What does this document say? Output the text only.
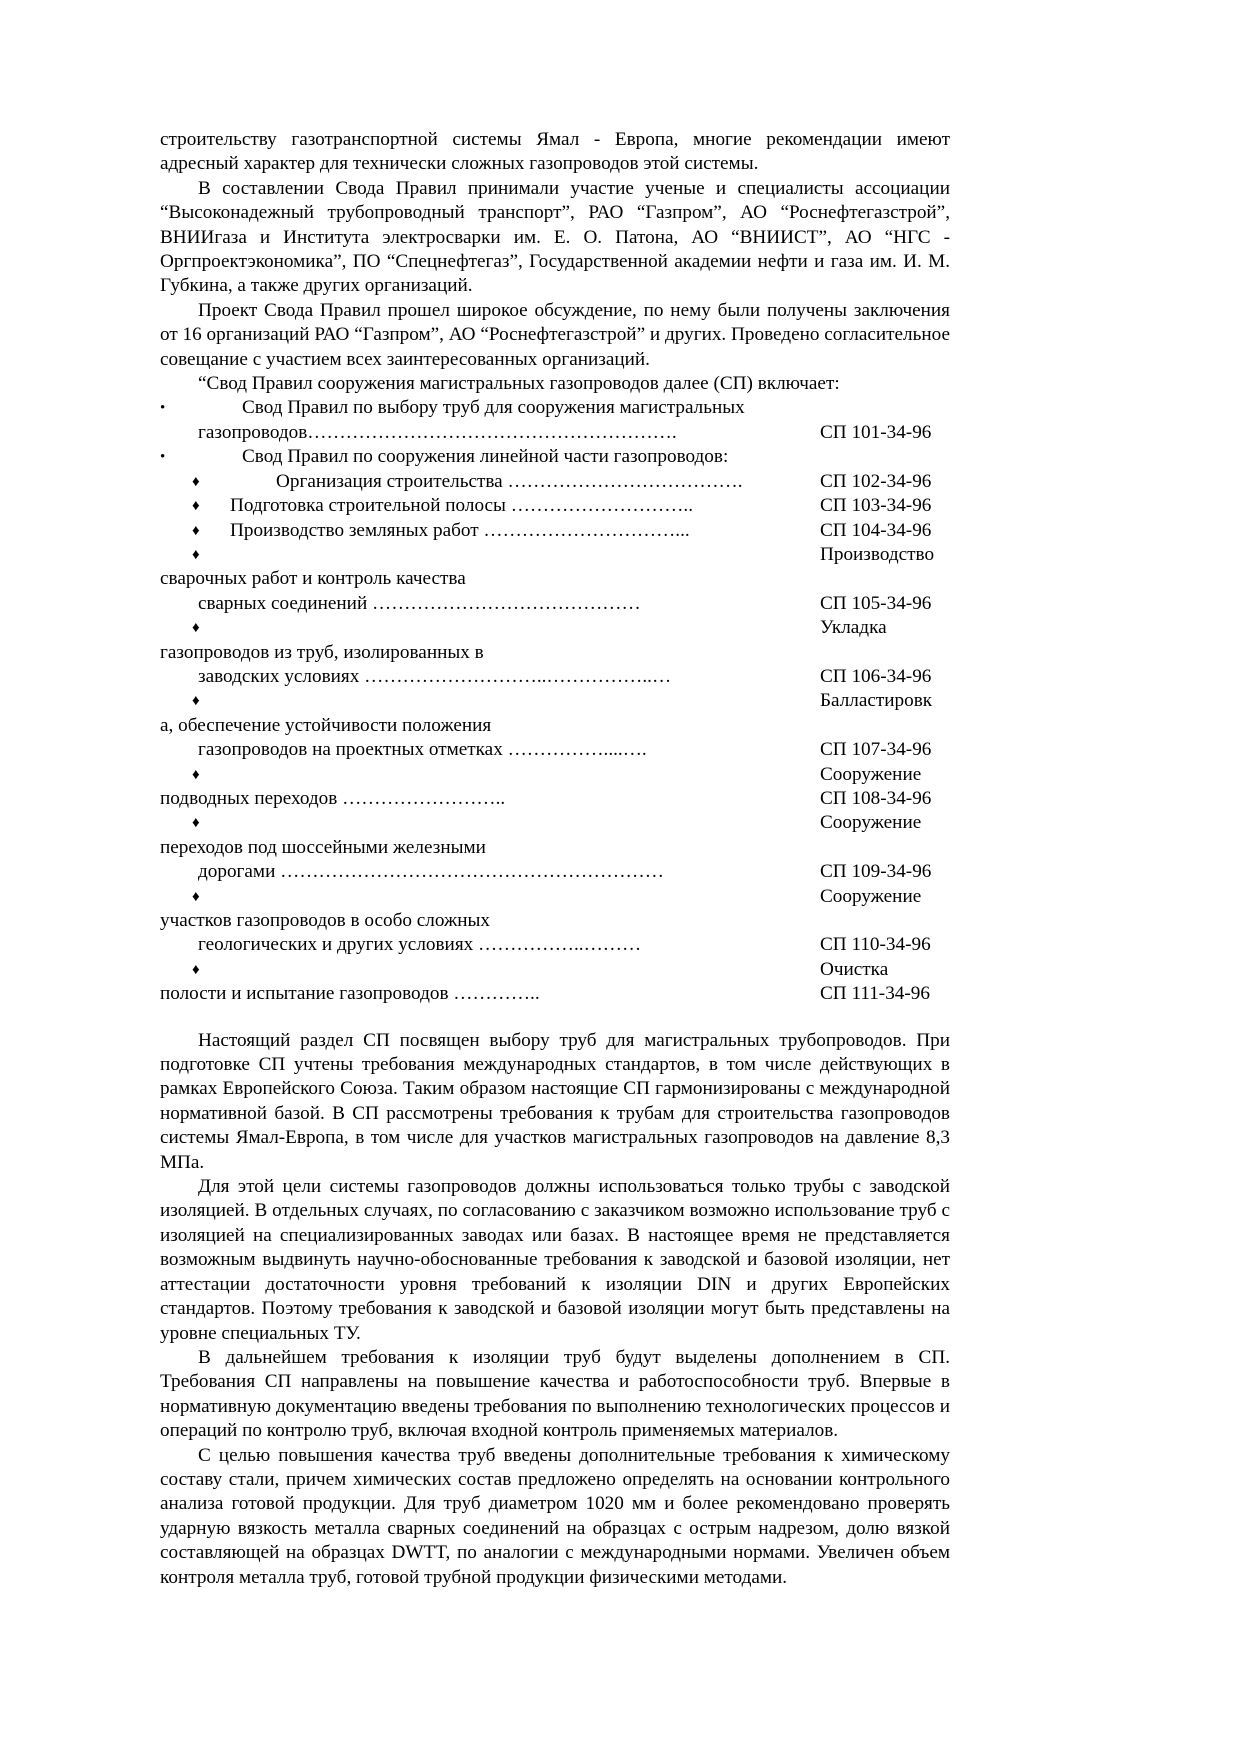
строительству газотранспортной системы Ямал - Европа, многие рекомендации имеют адресный характер для технически сложных газопроводов этой системы.

В составлении Свода Правил принимали участие ученые и специалисты ассоциации “Высоконадежный трубопроводный транспорт”, РАО “Газпром”, АО “Роснефтегазстрой”, ВНИИгаза и Института электросварки им. Е. О. Патона, АО “ВНИИСТ”, АО “НГС - Оргпроектэкономика”, ПО “Спецнефтегаз”, Государственной академии нефти и газа им. И. М. Губкина, а также других организаций.

Проект Свода Правил прошел широкое обсуждение, по нему были получены заключения от 16 организаций РАО “Газпром”, АО “Роснефтегазстрой” и других. Проведено согласительное совещание с участием всех заинтересованных организаций.

“Свод Правил сооружения магистральных газопроводов далее (СП) включает:

•	Свод Правил по выбору труб для сооружения магистральных
газопроводов………………………………………………….	СП 101-34-96
•	Свод Правил по сооружения линейной части газопроводов:
♦	Организация строительства ……………………………….	СП 102-34-96
♦ Подготовка строительной полосы ………………………..	СП 103-34-96
♦ Производство земляных работ …………………………...	СП 104-34-96
♦	Производство
сварочных работ и контроль качества
сварных соединений ……………………………………	СП 105-34-96
♦	Укладка
газопроводов из труб, изолированных в
заводских условиях ………………………..……………..…	СП 106-34-96
♦	Балластировк
а, обеспечение устойчивости положения
газопроводов на проектных отметках ……………....….	СП 107-34-96
♦	Сооружение
подводных переходов ……………………..	СП 108-34-96
♦	Сооружение
переходов под шоссейными железными
дорогами ……………………………………………………	СП 109-34-96
♦	Сооружение
участков газопроводов в особо сложных
геологических и других условиях ……………..………	СП 110-34-96
♦	Очистка
полости и испытание газопроводов …………..	СП 111-34-96

Настоящий раздел СП посвящен выбору труб для магистральных трубопроводов. При подготовке СП учтены требования международных стандартов, в том числе действующих в рамках Европейского Союза. Таким образом настоящие СП гармонизированы с международной нормативной базой. В СП рассмотрены требования к трубам для строительства газопроводов системы Ямал-Европа, в том числе для участков магистральных газопроводов на давление 8,3 МПа.

Для этой цели системы газопроводов должны использоваться только трубы с заводской изоляцией. В отдельных случаях, по согласованию с заказчиком возможно использование труб с изоляцией на специализированных заводах или базах. В настоящее время не представляется возможным выдвинуть научно-обоснованные требования к заводской и базовой изоляции, нет аттестации достаточности уровня требований к изоляции DIN и других Европейских стандартов. Поэтому требования к заводской и базовой изоляции могут быть представлены на уровне специальных ТУ.

В дальнейшем требования к изоляции труб будут выделены дополнением в СП. Требования СП направлены на повышение качества и работоспособности труб. Впервые в нормативную документацию введены требования по выполнению технологических процессов и операций по контролю труб, включая входной контроль применяемых материалов.

С целью повышения качества труб введены дополнительные требования к химическому составу стали, причем химических состав предложено определять на основании контрольного анализа готовой продукции. Для труб диаметром 1020 мм и более рекомендовано проверять ударную вязкость металла сварных соединений на образцах с острым надрезом, долю вязкой составляющей на образцах DWTT, по аналогии с международными нормами. Увеличен объем контроля металла труб, готовой трубной продукции физическими методами.
